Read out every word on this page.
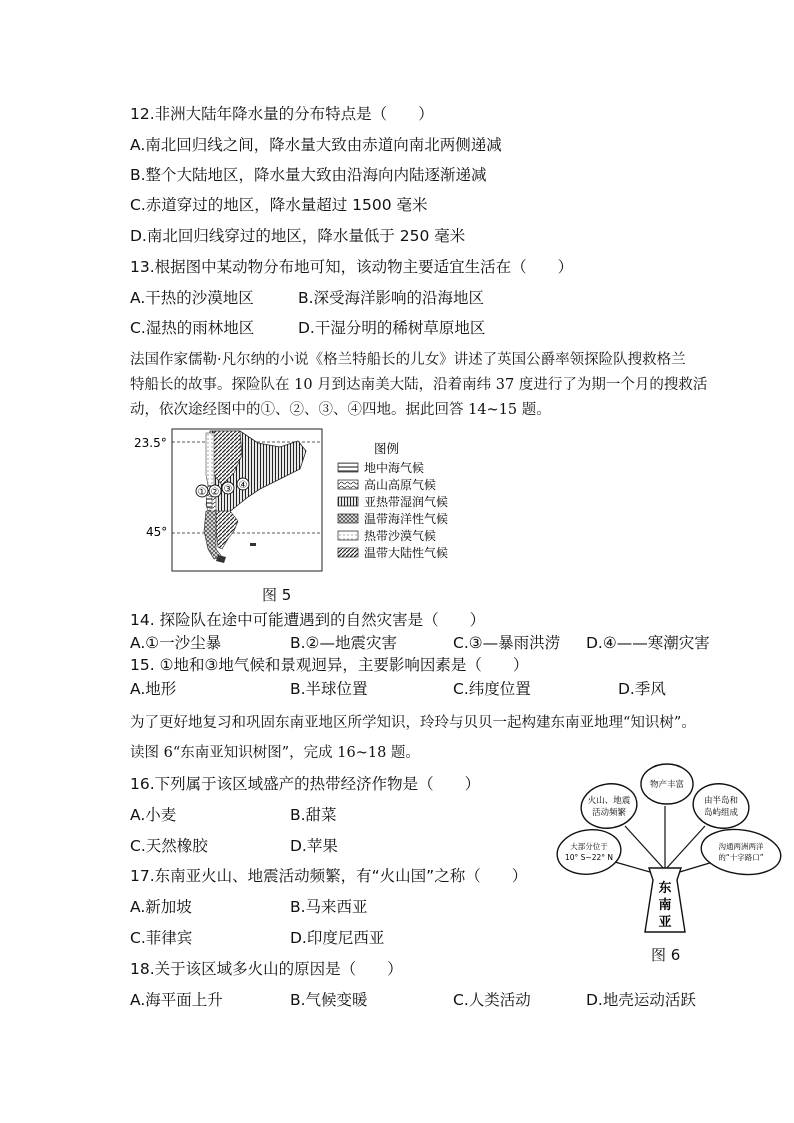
12.非洲大陆年降水量的分布特点是（　　）
A.南北回归线之间，降水量大致由赤道向南北两侧递减
B.整个大陆地区，降水量大致由沿海向内陆逐渐递减
C.赤道穿过的地区，降水量超过 1500 毫米
D.南北回归线穿过的地区，降水量低于 250 毫米
13.根据图中某动物分布地可知，该动物主要适宜生活在（　　）
A.干热的沙漠地区	B.深受海洋影响的沿海地区
C.湿热的雨林地区	D.干湿分明的稀树草原地区
法国作家儒勒·凡尔纳的小说《格兰特船长的儿女》讲述了英国公爵率领探险队搜救格兰
特船长的故事。探险队在 10 月到达南美大陆，沿着南纬 37 度进行了为期一个月的搜救活
动，依次途经图中的①、②、③、④四地。据此回答 14~15 题。
23.5°
45°
① ② ③ ④
图例
地中海气候
高山高原气候
亚热带湿润气候
温带海洋性气候
热带沙漠气候
温带大陆性气候
图 5
14. 探险队在途中可能遭遇到的自然灾害是（　　）
A.①一沙尘暴	B.②—地震灾害	C.③—暴雨洪涝 D.④——寒潮灾害
15. ①地和③地气候和景观迥异，主要影响因素是（　　）
A.地形	B.半球位置	C.纬度位置	D.季风
为了更好地复习和巩固东南亚地区所学知识，玲玲与贝贝一起构建东南亚地理“知识树”。
读图 6“东南亚知识树图”，完成 16~18 题。
16.下列属于该区域盛产的热带经济作物是（　　）
A.小麦	B.甜菜
C.天然橡胶	D.苹果
17.东南亚火山、地震活动频繁，有“火山国”之称（　　）
A.新加坡	B.马来西亚
C.菲律宾	D.印度尼西亚
东
南
亚
物产丰富
火山、地震
活动频繁
由半岛和
岛屿组成
大部分位于
10° S~22° N
沟通两洲两洋
的“十字路口”
图 6
18.关于该区域多火山的原因是（　　）
A.海平面上升	B.气候变暖	C.人类活动	D.地壳运动活跃
